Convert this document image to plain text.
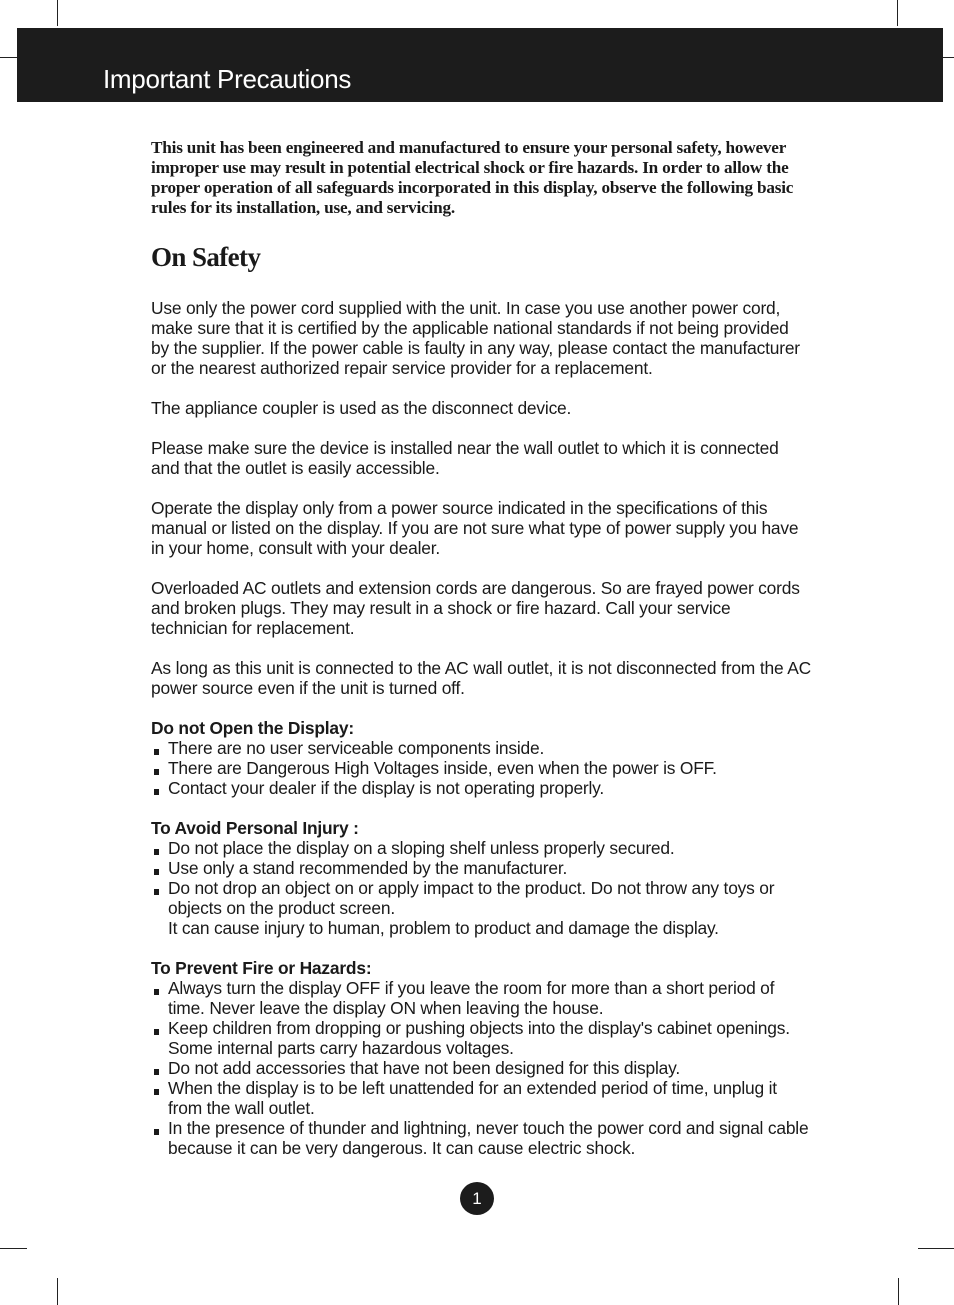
Important Precautions

This unit has been engineered and manufactured to ensure your personal safety, however improper use may result in potential electrical shock or fire hazards. In order to allow the proper operation of all safeguards incorporated in this display, observe the following basic rules for its installation, use, and servicing.

On Safety

Use only the power cord supplied with the unit. In case you use another power cord, make sure that it is certified by the applicable national standards if not being provided by the supplier. If the power cable is faulty in any way, please contact the manufacturer or the nearest authorized repair service provider for a replacement.

The appliance coupler is used as the disconnect device.

Please make sure the device is installed near the wall outlet to which it is connected and that the outlet is easily accessible.

Operate the display only from a power source indicated in the specifications of this manual or listed on the display. If you are not sure what type of power supply you have in your home, consult with your dealer.

Overloaded AC outlets and extension cords are dangerous. So are frayed power cords and broken plugs. They may result in a shock or fire hazard. Call your service technician for replacement.

As long as this unit is connected to the AC wall outlet, it is not disconnected from the AC power source even if the unit is turned off.

Do not Open the Display:
There are no user serviceable components inside.
There are Dangerous High Voltages inside, even when the power is OFF.
Contact your dealer if the display is not operating properly.
To Avoid Personal Injury :
Do not place the display on a sloping shelf unless properly secured.
Use only a stand recommended by the manufacturer.
Do not drop an object on or apply impact to the product. Do not throw any toys or objects on the product screen.
It can cause injury to human, problem to product and damage the display.
To Prevent Fire or Hazards:
Always turn the display OFF if you leave the room for more than a short period of time. Never leave the display ON when leaving the house.
Keep children from dropping or pushing objects into the display's cabinet openings. Some internal parts carry hazardous voltages.
Do not add accessories that have not been designed for this display.
When the display is to be left unattended for an extended period of time, unplug it from the wall outlet.
In the presence of thunder and lightning, never touch the power cord and signal cable because it can be very dangerous. It can cause electric shock.
1
